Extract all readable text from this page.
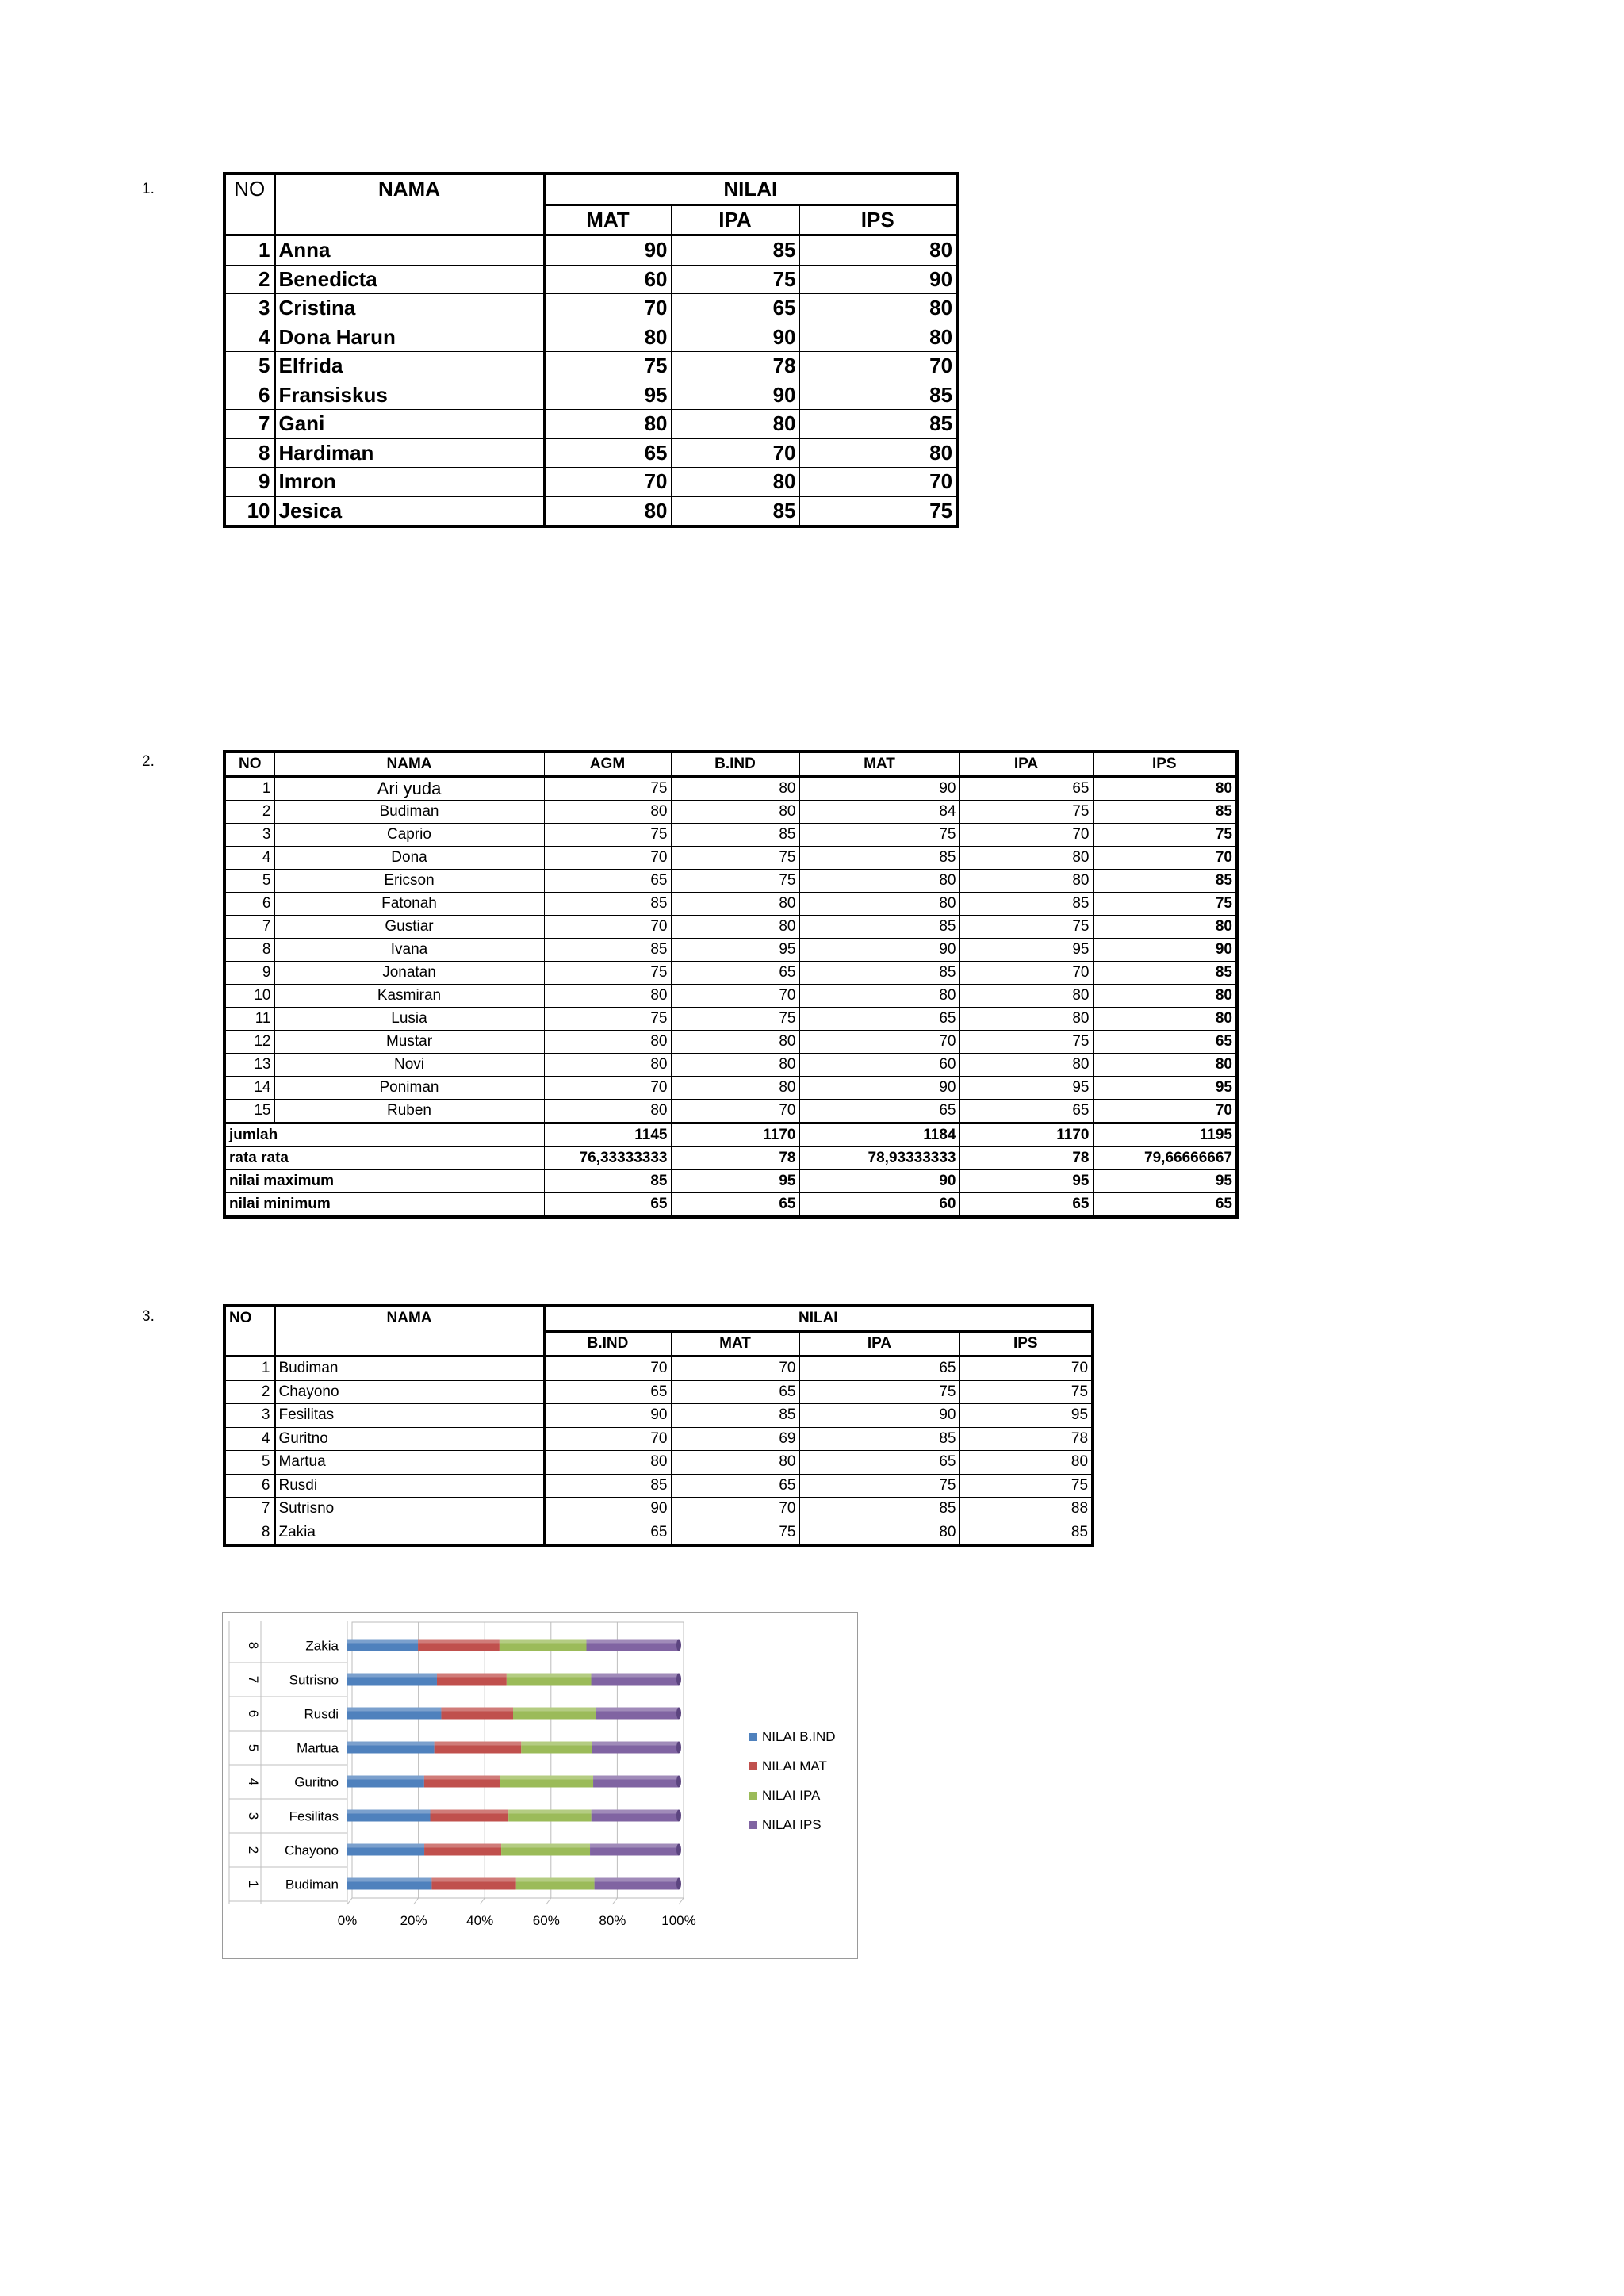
1.
2.
3.
NO	NAMA	NILAI		
		MAT	IPA	IPS
1	Anna	90	85	80
2	Benedicta	60	75	90
3	Cristina	70	65	80
4	Dona Harun	80	90	80
5	Elfrida	75	78	70
6	Fransiskus	95	90	85
7	Gani	80	80	85
8	Hardiman	65	70	80
9	Imron	70	80	70
10	Jesica	80	85	75
NO	NAMA	AGM	B.IND	MAT	IPA	IPS
1	Ari yuda	75	80	90	65	80
2	Budiman	80	80	84	75	85
3	Caprio	75	85	75	70	75
4	Dona	70	75	85	80	70
5	Ericson	65	75	80	80	85
6	Fatonah	85	80	80	85	75
7	Gustiar	70	80	85	75	80
8	Ivana	85	95	90	95	90
9	Jonatan	75	65	85	70	85
10	Kasmiran	80	70	80	80	80
11	Lusia	75	75	65	80	80
12	Mustar	80	80	70	75	65
13	Novi	80	80	60	80	80
14	Poniman	70	80	90	95	95
15	Ruben	80	70	65	65	70
jumlah		1145	1170	1184	1170	1195
rata rata		76,33333333	78	78,93333333	78	79,66666667
nilai maximum		85	95	90	95	95
nilai minimum		65	65	60	65	65
NO	NAMA	NILAI			
		B.IND	MAT	IPA	IPS
1	Budiman	70	70	65	70
2	Chayono	65	65	75	75
3	Fesilitas	90	85	90	95
4	Guritno	70	69	85	78
5	Martua	80	80	65	80
6	Rusdi	85	65	75	75
7	Sutrisno	90	70	85	88
8	Zakia	65	75	80	85
0%	20%	40%	60%	80%	100%
Budiman
1
Chayono
2
Fesilitas
3
Guritno
4
Martua
5
Rusdi
6
Sutrisno
7
Zakia
8
NILAI B.IND
NILAI MAT
NILAI IPA
NILAI IPS
